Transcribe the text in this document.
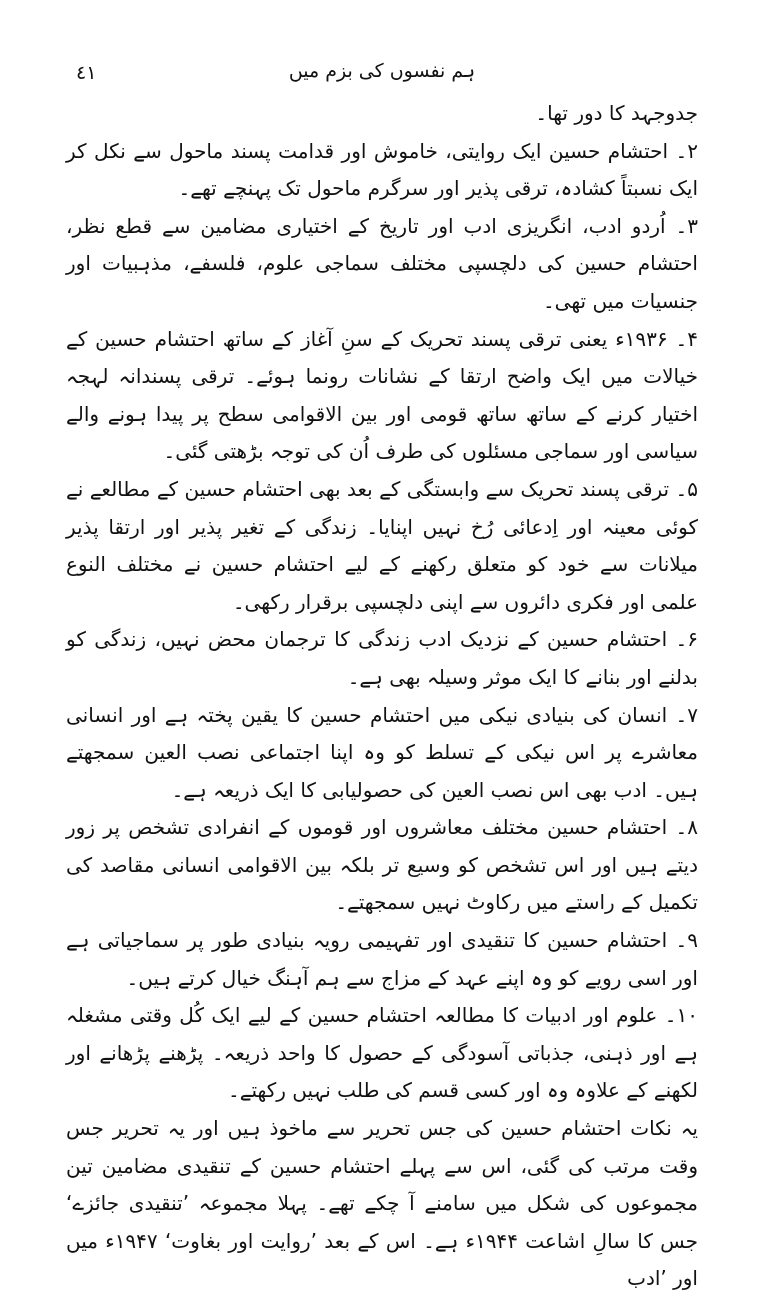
٤١	ہم نفسوں کی بزم میں

جدوجہد کا دور تھا۔

۲۔ احتشام حسین ایک روایتی، خاموش اور قدامت پسند ماحول سے نکل کر ایک نسبتاً کشادہ، ترقی پذیر اور سرگرم ماحول تک پہنچے تھے۔

۳۔ اُردو ادب، انگریزی ادب اور تاریخ کے اختیاری مضامین سے قطع نظر، احتشام حسین کی دلچسپی مختلف سماجی علوم، فلسفے، مذہبیات اور جنسیات میں تھی۔

۴۔ ۱۹۳۶ء یعنی ترقی پسند تحریک کے سنِ آغاز کے ساتھ احتشام حسین کے خیالات میں ایک واضح ارتقا کے نشانات رونما ہوئے۔ ترقی پسندانہ لہجہ اختیار کرنے کے ساتھ ساتھ قومی اور بین الاقوامی سطح پر پیدا ہونے والے سیاسی اور سماجی مسئلوں کی طرف اُن کی توجہ بڑھتی گئی۔

۵۔ ترقی پسند تحریک سے وابستگی کے بعد بھی احتشام حسین کے مطالعے نے کوئی معینہ اور اِدعائی رُخ نہیں اپنایا۔ زندگی کے تغیر پذیر اور ارتقا پذیر میلانات سے خود کو متعلق رکھنے کے لیے احتشام حسین نے مختلف النوع علمی اور فکری دائروں سے اپنی دلچسپی برقرار رکھی۔

۶۔ احتشام حسین کے نزدیک ادب زندگی کا ترجمان محض نہیں، زندگی کو بدلنے اور بنانے کا ایک موثر وسیلہ بھی ہے۔

۷۔ انسان کی بنیادی نیکی میں احتشام حسین کا یقین پختہ ہے اور انسانی معاشرے پر اس نیکی کے تسلط کو وہ اپنا اجتماعی نصب العین سمجھتے ہیں۔ ادب بھی اس نصب العین کی حصولیابی کا ایک ذریعہ ہے۔

۸۔ احتشام حسین مختلف معاشروں اور قوموں کے انفرادی تشخص پر زور دیتے ہیں اور اس تشخص کو وسیع تر بلکہ بین الاقوامی انسانی مقاصد کی تکمیل کے راستے میں رکاوٹ نہیں سمجھتے۔

۹۔ احتشام حسین کا تنقیدی اور تفہیمی رویہ بنیادی طور پر سماجیاتی ہے اور اسی رویے کو وہ اپنے عہد کے مزاج سے ہم آہنگ خیال کرتے ہیں۔

۱۰۔ علوم اور ادبیات کا مطالعہ احتشام حسین کے لیے ایک کُل وقتی مشغلہ ہے اور ذہنی، جذباتی آسودگی کے حصول کا واحد ذریعہ۔ پڑھنے پڑھانے اور لکھنے کے علاوہ وہ اور کسی قسم کی طلب نہیں رکھتے۔

یہ نکات احتشام حسین کی جس تحریر سے ماخوذ ہیں اور یہ تحریر جس وقت مرتب کی گئی، اس سے پہلے احتشام حسین کے تنقیدی مضامین تین مجموعوں کی شکل میں سامنے آ چکے تھے۔ پہلا مجموعہ ’تنقیدی جائزے‘ جس کا سالِ اشاعت ۱۹۴۴ء ہے۔ اس کے بعد ’روایت اور بغاوت‘ ۱۹۴۷ء میں اور ’ادب
